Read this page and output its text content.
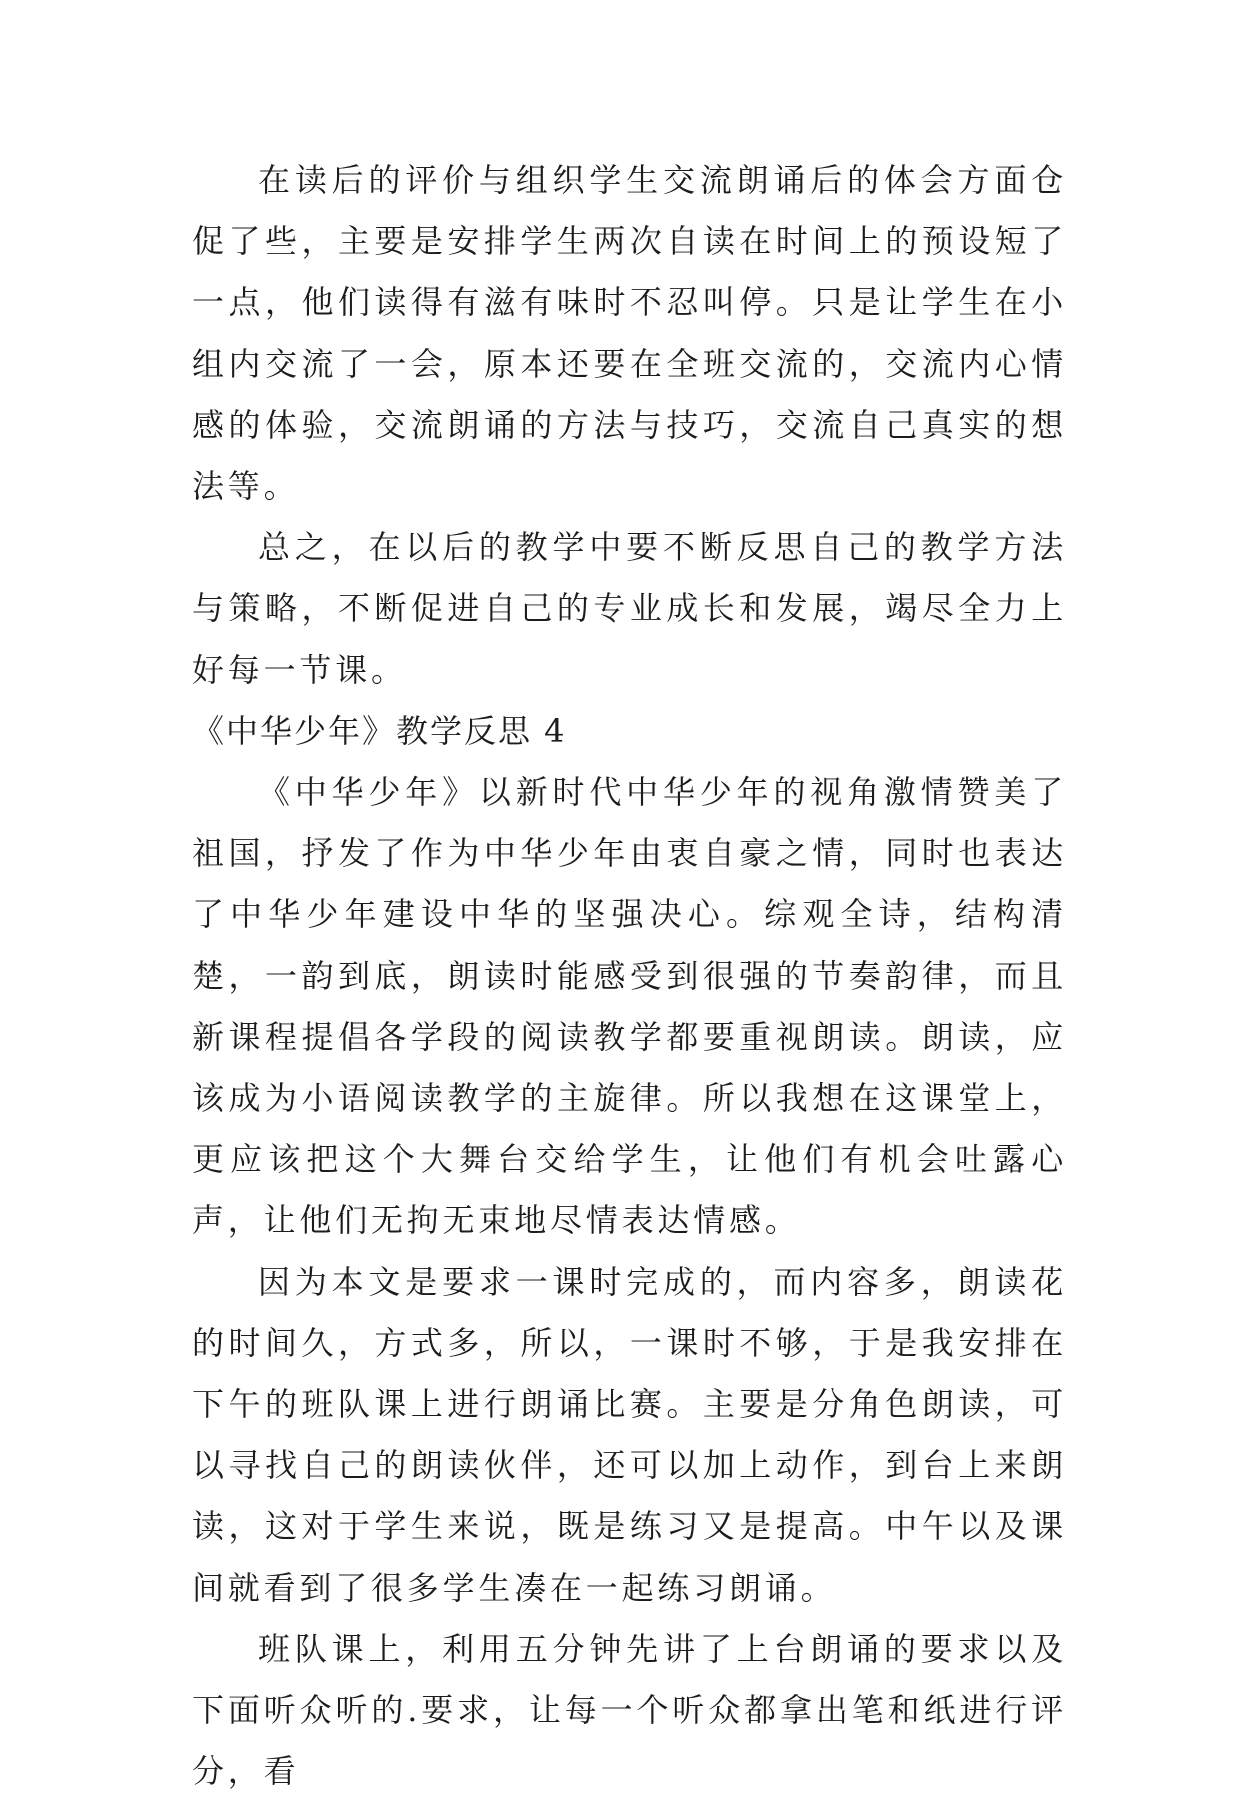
在读后的评价与组织学生交流朗诵后的体会方面仓促了些，主要是安排学生两次自读在时间上的预设短了一点，他们读得有滋有味时不忍叫停。只是让学生在小组内交流了一会，原本还要在全班交流的，交流内心情感的体验，交流朗诵的方法与技巧，交流自己真实的想法等。

总之，在以后的教学中要不断反思自己的教学方法与策略，不断促进自己的专业成长和发展，竭尽全力上好每一节课。

《中华少年》教学反思 4

《中华少年》以新时代中华少年的视角激情赞美了祖国，抒发了作为中华少年由衷自豪之情，同时也表达了中华少年建设中华的坚强决心。综观全诗，结构清楚，一韵到底，朗读时能感受到很强的节奏韵律，而且新课程提倡各学段的阅读教学都要重视朗读。朗读，应该成为小语阅读教学的主旋律。所以我想在这课堂上，更应该把这个大舞台交给学生，让他们有机会吐露心声，让他们无拘无束地尽情表达情感。

因为本文是要求一课时完成的，而内容多，朗读花的时间久，方式多，所以，一课时不够，于是我安排在下午的班队课上进行朗诵比赛。主要是分角色朗读，可以寻找自己的朗读伙伴，还可以加上动作，到台上来朗读，这对于学生来说，既是练习又是提高。中午以及课间就看到了很多学生凑在一起练习朗诵。

班队课上，利用五分钟先讲了上台朗诵的要求以及下面听众听的.要求，让每一个听众都拿出笔和纸进行评分，看
